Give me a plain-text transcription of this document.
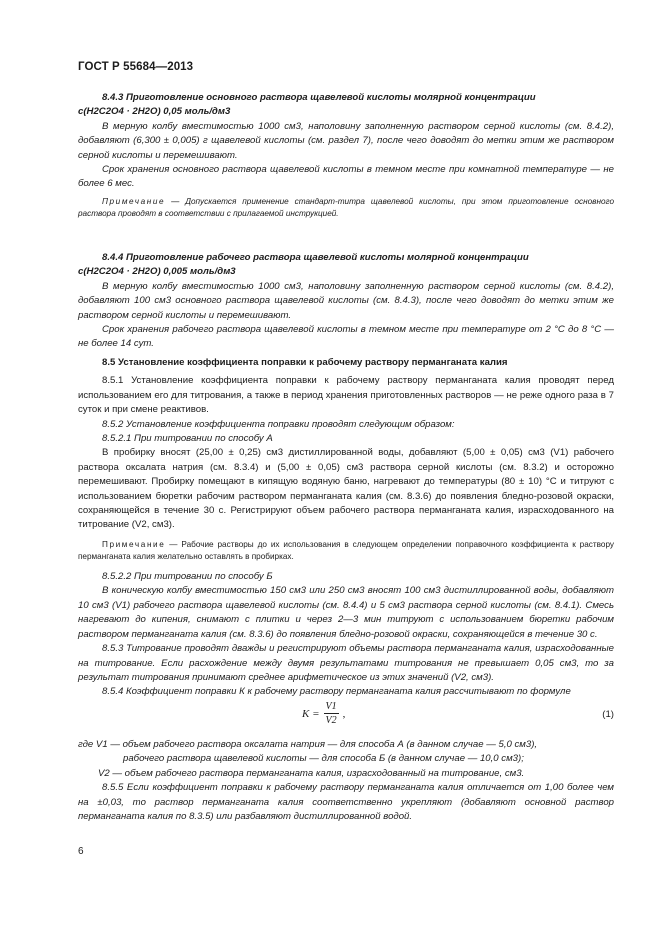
ГОСТ Р 55684—2013

8.4.3 Приготовление основного раствора щавелевой кислоты молярной концентрации

c(H2C2O4 · 2H2O) 0,05 моль/дм3

В мерную колбу вместимостью 1000 см3, наполовину заполненную раствором серной кислоты (см. 8.4.2), добавляют (6,300 ± 0,005) г щавелевой кислоты (см. раздел 7), после чего доводят до метки этим же раствором серной кислоты и перемешивают.

Срок хранения основного раствора щавелевой кислоты в темном месте при комнатной температуре — не более 6 мес.

Примечание — Допускается применение стандарт-титра щавелевой кислоты, при этом приготовление основного раствора проводят в соответствии с прилагаемой инструкцией.

8.4.4 Приготовление рабочего раствора щавелевой кислоты молярной концентрации

c(H2C2O4 · 2H2O) 0,005 моль/дм3

В мерную колбу вместимостью 1000 см3, наполовину заполненную раствором серной кислоты (см. 8.4.2), добавляют 100 см3 основного раствора щавелевой кислоты (см. 8.4.3), после чего доводят до метки этим же раствором серной кислоты и перемешивают.

Срок хранения рабочего раствора щавелевой кислоты в темном месте при температуре от 2 °С до 8 °С — не более 14 сут.

8.5 Установление коэффициента поправки к рабочему раствору перманганата калия

8.5.1 Установление коэффициента поправки к рабочему раствору перманганата калия проводят перед использованием его для титрования, а также в период хранения приготовленных растворов — не реже одного раза в 7 суток и при смене реактивов.

8.5.2 Установление коэффициента поправки проводят следующим образом:

8.5.2.1 При титровании по способу А

В пробирку вносят (25,00 ± 0,25) см3 дистиллированной воды, добавляют (5,00 ± 0,05) см3 (V1) рабочего раствора оксалата натрия (см. 8.3.4) и (5,00 ± 0,05) см3 раствора серной кислоты (см. 8.3.2) и осторожно перемешивают. Пробирку помещают в кипящую водяную баню, нагревают до температуры (80 ± 10) °С и титруют с использованием бюретки рабочим раствором перманганата калия (см. 8.3.6) до появления бледно-розовой окраски, сохраняющейся в течение 30 с. Регистрируют объем рабочего раствора перманганата калия, израсходованного на титрование (V2, см3).

Примечание — Рабочие растворы до их использования в следующем определении поправочного коэффициента к раствору перманганата калия желательно оставлять в пробирках.

8.5.2.2 При титровании по способу Б

В коническую колбу вместимостью 150 см3 или 250 см3 вносят 100 см3 дистиллированной воды, добавляют 10 см3 (V1) рабочего раствора щавелевой кислоты (см. 8.4.4) и 5 см3 раствора серной кислоты (см. 8.4.1). Смесь нагревают до кипения, снимают с плитки и через 2—3 мин титруют с использованием бюретки рабочим раствором перманганата калия (см. 8.3.6) до появления бледно-розовой окраски, сохраняющейся в течение 30 с.

8.5.3 Титрование проводят дважды и регистрируют объемы раствора перманганата калия, израсходованные на титрование. Если расхождение между двумя результатами титрования не превышает 0,05 см3, то за результат титрования принимают среднее арифметическое из этих значений (V2, см3).

8.5.4 Коэффициент поправки К к рабочему раствору перманганата калия рассчитывают по формуле

$K = \frac{V1}{V2}$ ,	(1)

где V1 — объем рабочего раствора оксалата натрия — для способа А (в данном случае — 5,0 см3),

рабочего раствора щавелевой кислоты — для способа Б (в данном случае — 10,0 см3);

V2 — объем рабочего раствора перманганата калия, израсходованный на титрование, см3.

8.5.5 Если коэффициент поправки к рабочему раствору перманганата калия отличается от 1,00 более чем на ±0,03, то раствор перманганата калия соответственно укрепляют (добавляют основной раствор перманганата калия по 8.3.5) или разбавляют дистиллированной водой.

6
